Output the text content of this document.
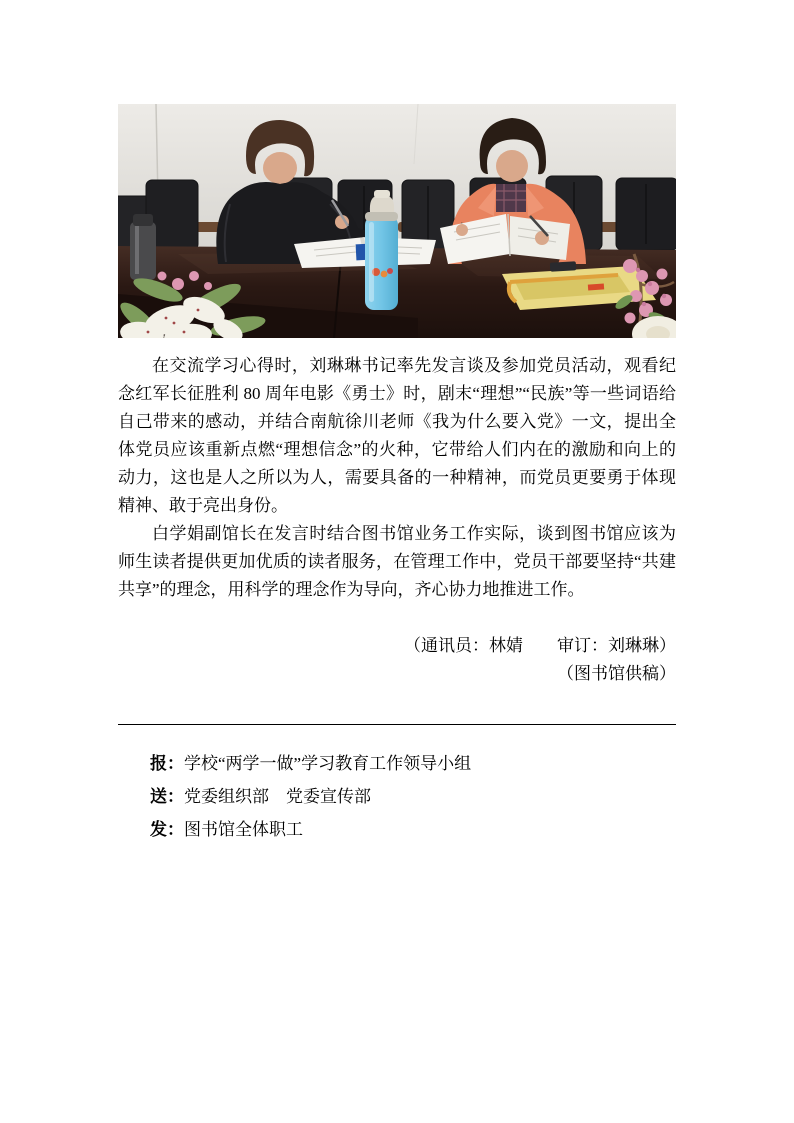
在交流学习心得时，刘琳琳书记率先发言谈及参加党员活动，观看纪念红军长征胜利 80 周年电影《勇士》时，剧末“理想”“民族”等一些词语给自己带来的感动，并结合南航徐川老师《我为什么要入党》一文，提出全体党员应该重新点燃“理想信念”的火种，它带给人们内在的激励和向上的动力，这也是人之所以为人，需要具备的一种精神，而党员更要勇于体现精神、敢于亮出身份。

白学娟副馆长在发言时结合图书馆业务工作实际，谈到图书馆应该为师生读者提供更加优质的读者服务，在管理工作中，党员干部要坚持“共建共享”的理念，用科学的理念作为导向，齐心协力地推进工作。

（通讯员：林婧　　审订：刘琳琳）

（图书馆供稿）

报：学校“两学一做”学习教育工作领导小组
送：党委组织部　党委宣传部
发：图书馆全体职工
